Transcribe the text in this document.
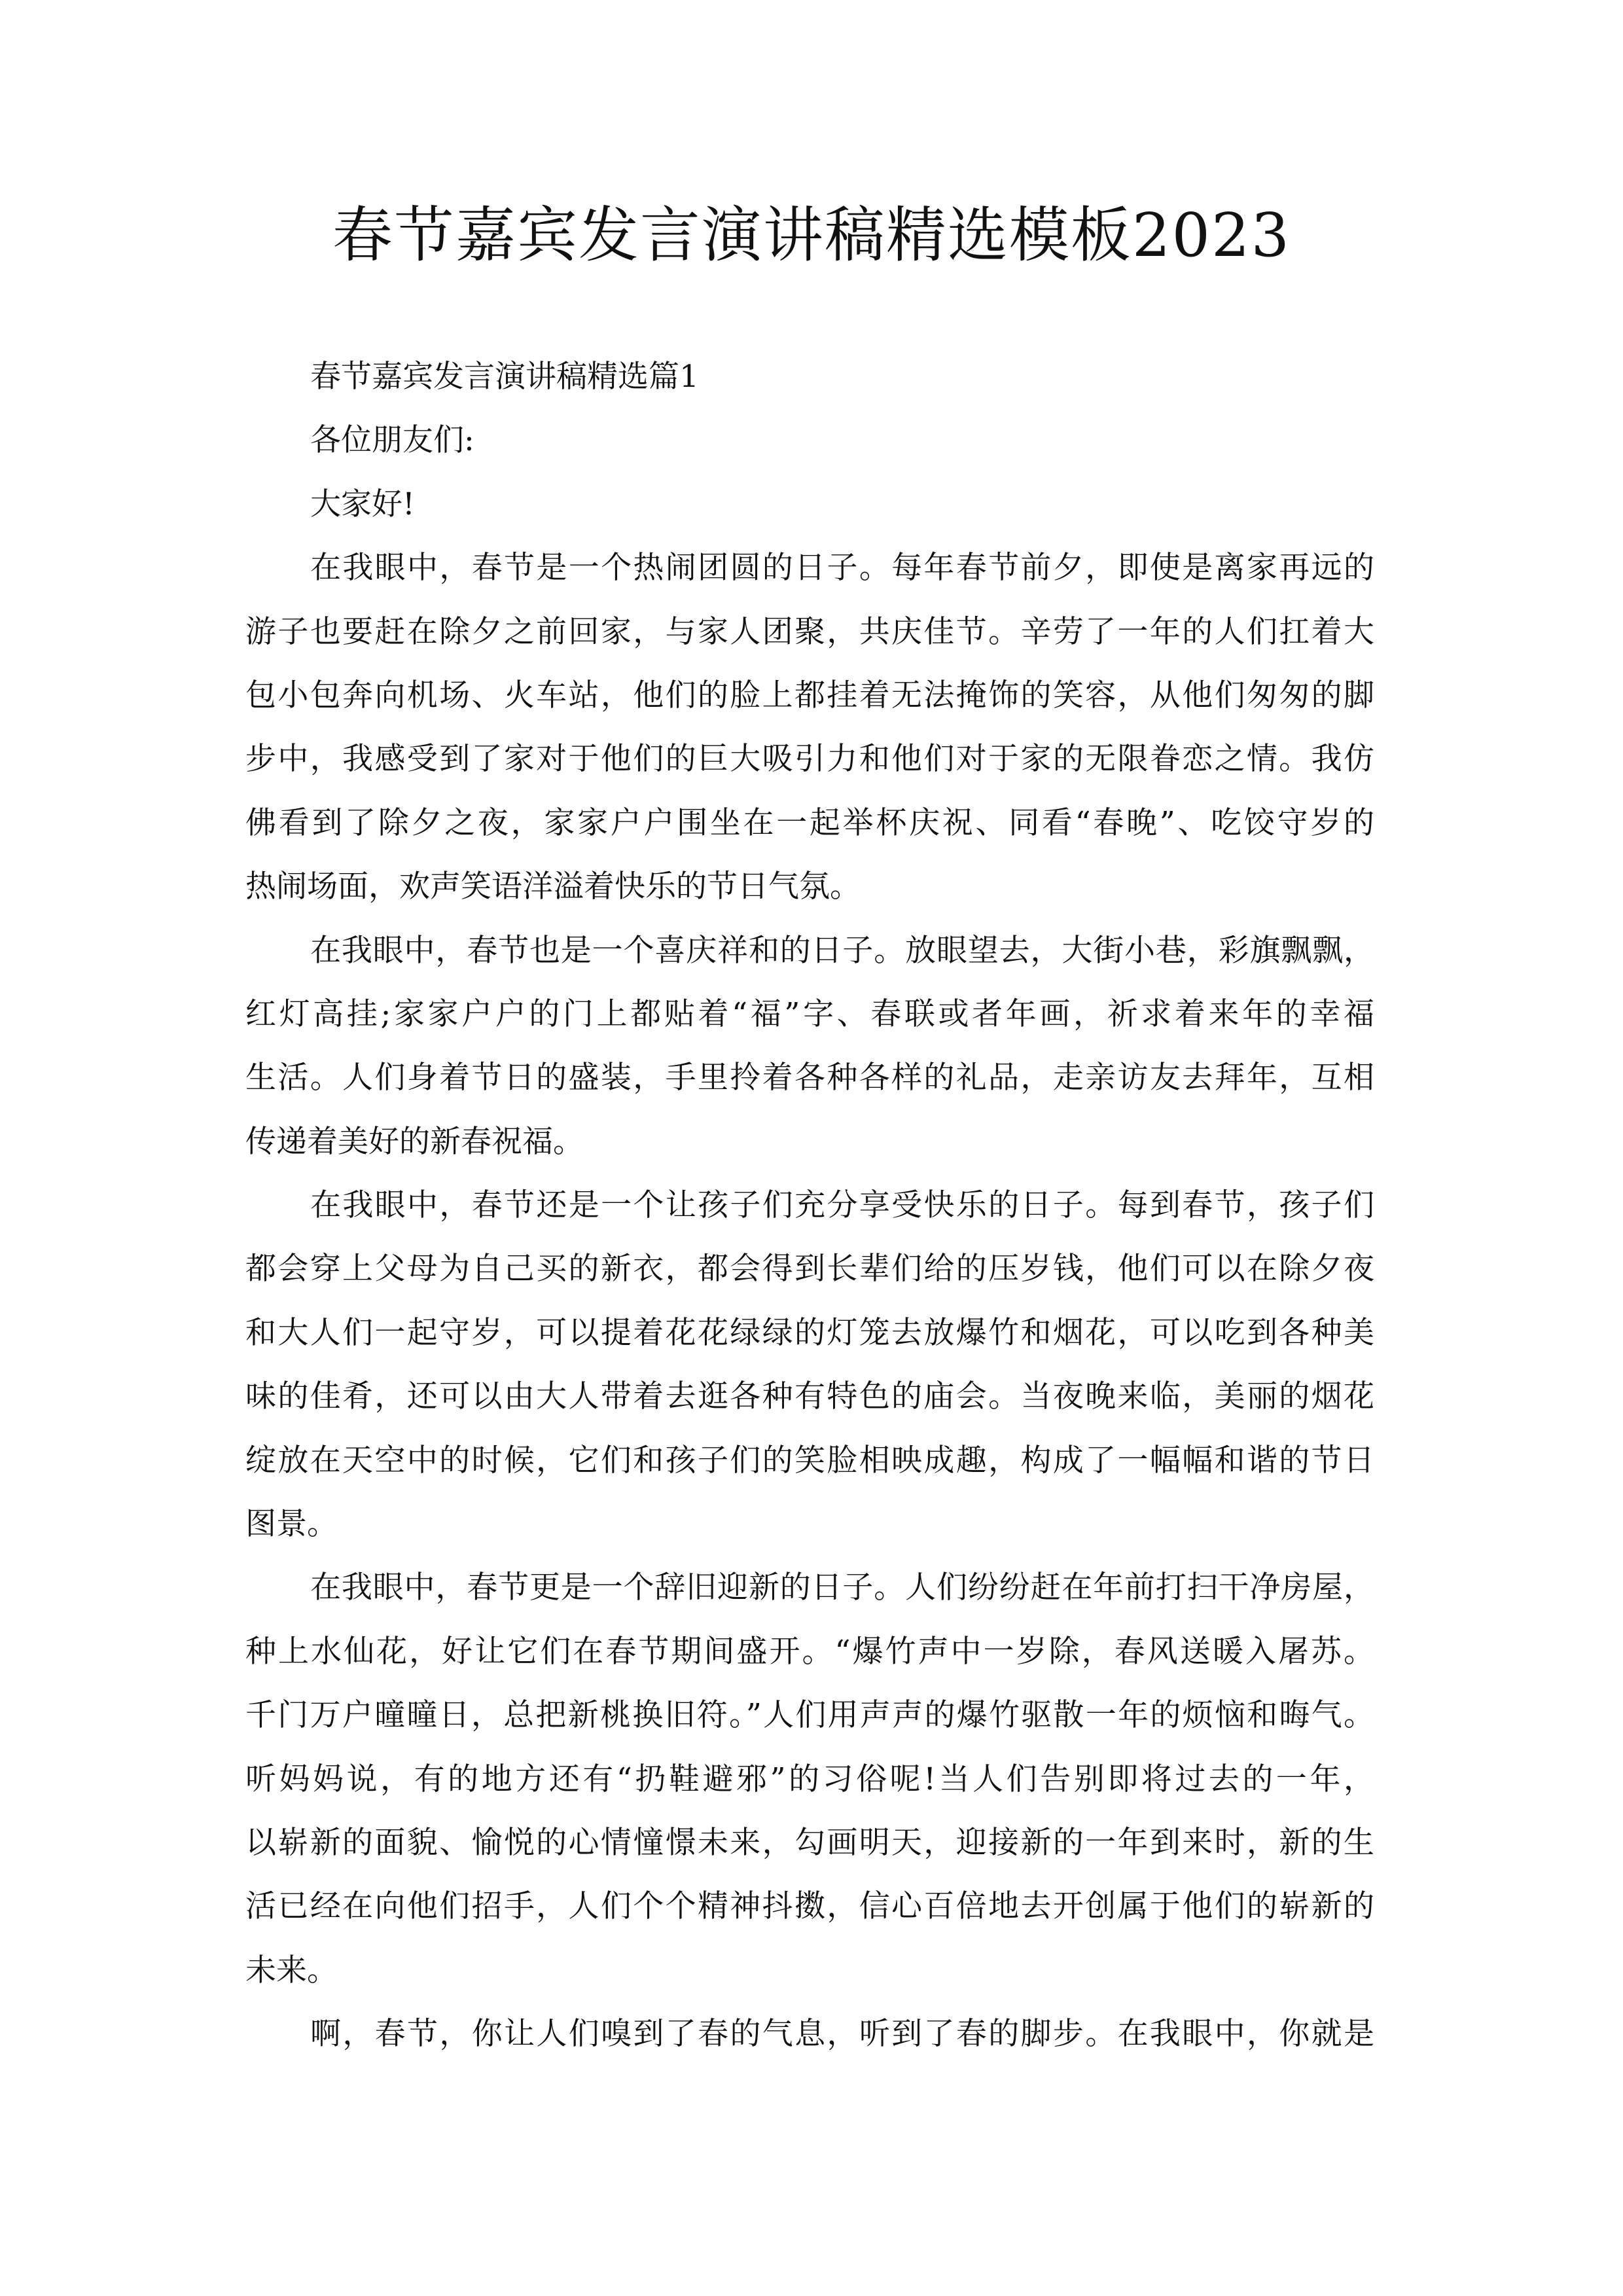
春节嘉宾发言演讲稿精选模板2023
春节嘉宾发言演讲稿精选篇1
各位朋友们:
大家好!
在我眼中，春节是一个热闹团圆的日子。每年春节前夕，即使是离家再远的
游子也要赶在除夕之前回家，与家人团聚，共庆佳节。辛劳了一年的人们扛着大
包小包奔向机场、火车站，他们的脸上都挂着无法掩饰的笑容，从他们匆匆的脚
步中，我感受到了家对于他们的巨大吸引力和他们对于家的无限眷恋之情。我仿
佛看到了除夕之夜，家家户户围坐在一起举杯庆祝、同看“春晚”、吃饺守岁的
热闹场面，欢声笑语洋溢着快乐的节日气氛。
在我眼中，春节也是一个喜庆祥和的日子。放眼望去，大街小巷，彩旗飘飘，
红灯高挂;家家户户的门上都贴着“福”字、春联或者年画，祈求着来年的幸福
生活。人们身着节日的盛装，手里拎着各种各样的礼品，走亲访友去拜年，互相
传递着美好的新春祝福。
在我眼中，春节还是一个让孩子们充分享受快乐的日子。每到春节，孩子们
都会穿上父母为自己买的新衣，都会得到长辈们给的压岁钱，他们可以在除夕夜
和大人们一起守岁，可以提着花花绿绿的灯笼去放爆竹和烟花，可以吃到各种美
味的佳肴，还可以由大人带着去逛各种有特色的庙会。当夜晚来临，美丽的烟花
绽放在天空中的时候，它们和孩子们的笑脸相映成趣，构成了一幅幅和谐的节日
图景。
在我眼中，春节更是一个辞旧迎新的日子。人们纷纷赶在年前打扫干净房屋，
种上水仙花，好让它们在春节期间盛开。“爆竹声中一岁除，春风送暖入屠苏。
千门万户曈曈日，总把新桃换旧符。”人们用声声的爆竹驱散一年的烦恼和晦气。
听妈妈说，有的地方还有“扔鞋避邪”的习俗呢!当人们告别即将过去的一年，
以崭新的面貌、愉悦的心情憧憬未来，勾画明天，迎接新的一年到来时，新的生
活已经在向他们招手，人们个个精神抖擞，信心百倍地去开创属于他们的崭新的
未来。
啊，春节，你让人们嗅到了春的气息，听到了春的脚步。在我眼中，你就是
